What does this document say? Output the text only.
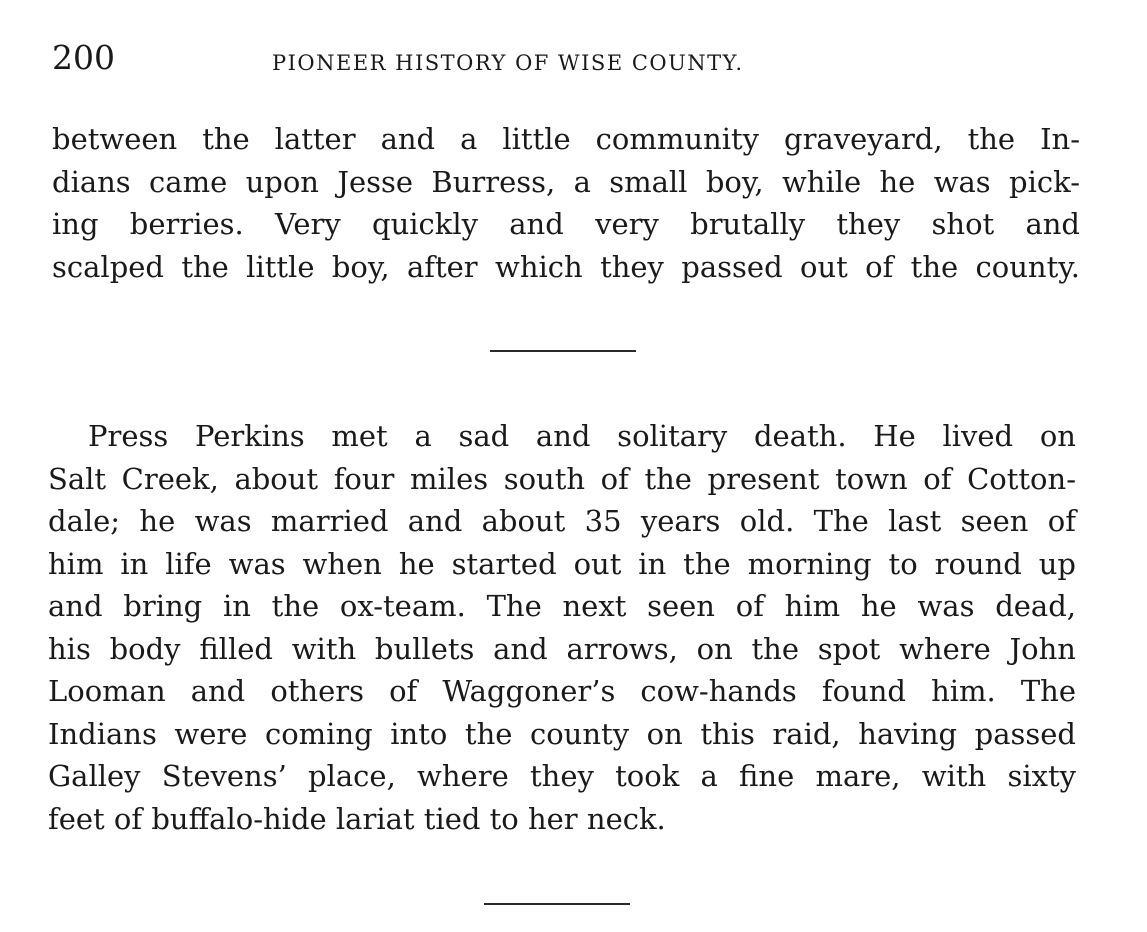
200	PIONEER HISTORY OF WISE COUNTY.
between the latter and a little community graveyard, the In-
dians came upon Jesse Burress, a small boy, while he was pick-
ing berries. Very quickly and very brutally they shot and
scalped the little boy, after which they passed out of the county.
Press Perkins met a sad and solitary death. He lived on
Salt Creek, about four miles south of the present town of Cotton-
dale; he was married and about 35 years old. The last seen of
him in life was when he started out in the morning to round up
and bring in the ox-team. The next seen of him he was dead,
his body filled with bullets and arrows, on the spot where John
Looman and others of Waggoner’s cow-hands found him. The
Indians were coming into the county on this raid, having passed
Galley Stevens’ place, where they took a fine mare, with sixty
feet of buffalo-hide lariat tied to her neck.
